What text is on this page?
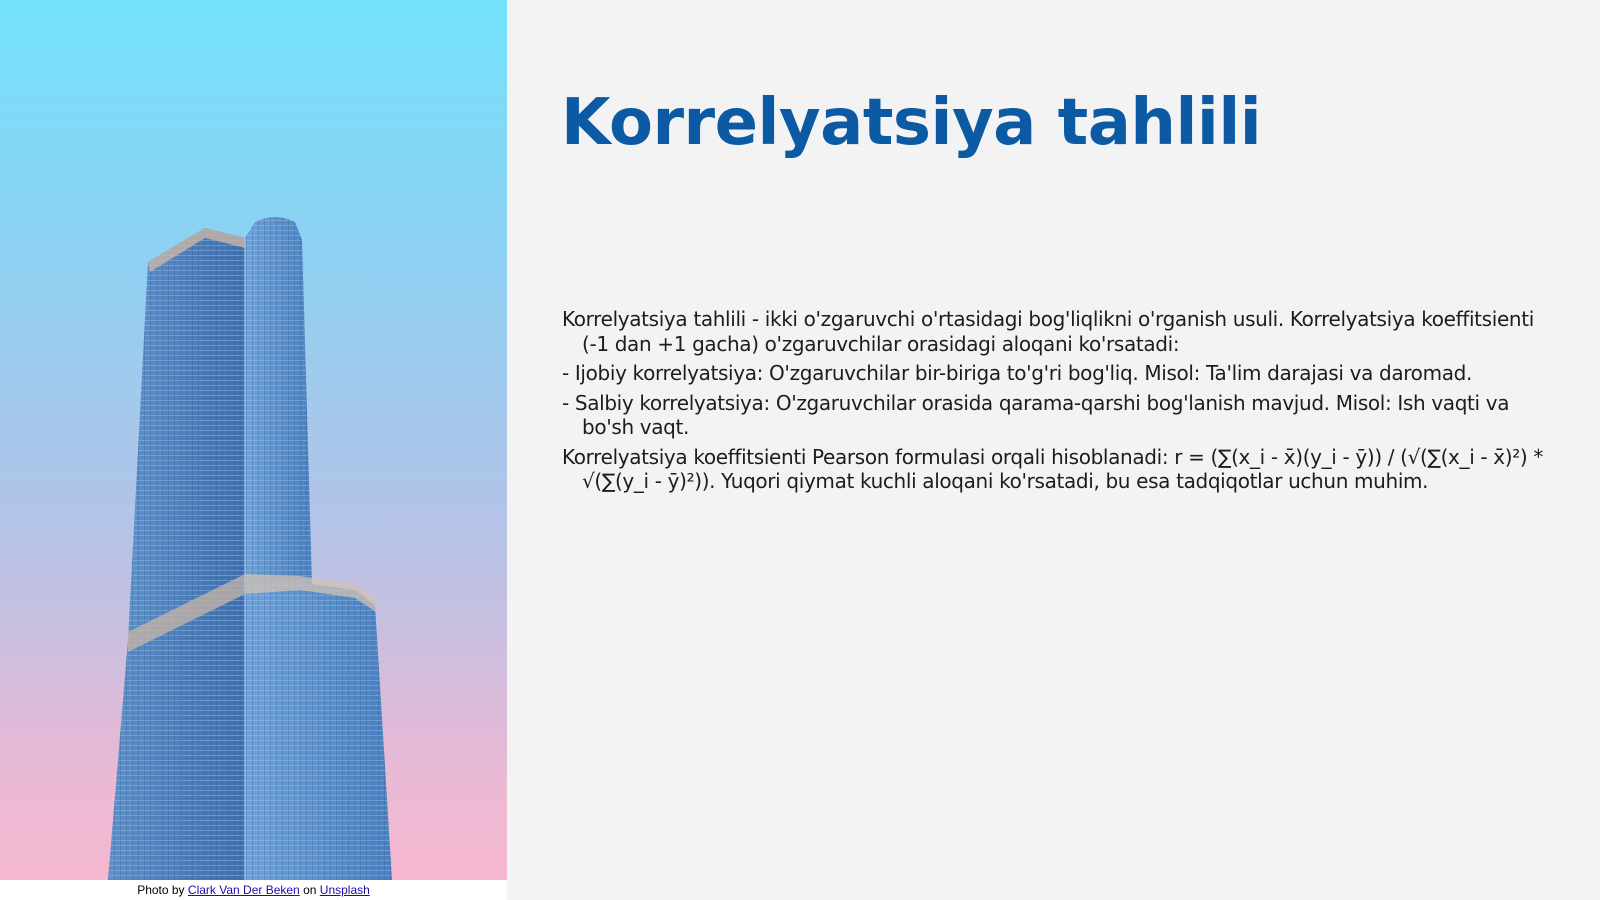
Photo by Clark Van Der Beken on Unsplash
Korrelyatsiya tahlili

Korrelyatsiya tahlili - ikki o'zgaruvchi o'rtasidagi bog'liqlikni o'rganish usuli. Korrelyatsiya koeffitsienti (-1 dan +1 gacha) o'zgaruvchilar orasidagi aloqani ko'rsatadi:

- Ijobiy korrelyatsiya: O'zgaruvchilar bir-biriga to'g'ri bog'liq. Misol: Ta'lim darajasi va daromad.

- Salbiy korrelyatsiya: O'zgaruvchilar orasida qarama-qarshi bog'lanish mavjud. Misol: Ish vaqti va bo'sh vaqt.

Korrelyatsiya koeffitsienti Pearson formulasi orqali hisoblanadi: r = (∑(x_i - x̄)(y_i - ȳ)) / (√(∑(x_i - x̄)²) * √(∑(y_i - ȳ)²)). Yuqori qiymat kuchli aloqani ko'rsatadi, bu esa tadqiqotlar uchun muhim.
